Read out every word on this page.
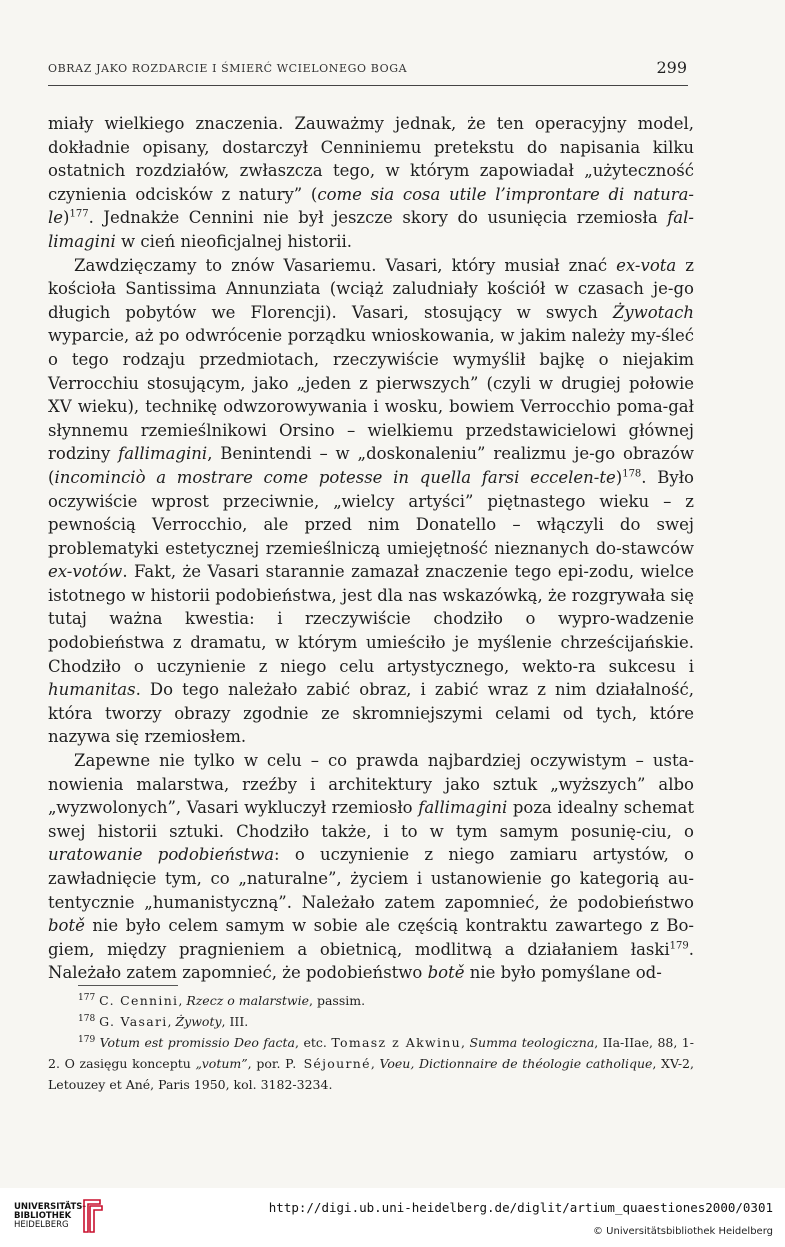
OBRAZ JAKO ROZDARCIE I ŚMIERĆ WCIELONEGO BOGA	299

miały wielkiego znaczenia. Zauważmy jednak, że ten operacyjny model, dokładnie opisany, dostarczył Cenniniemu pretekstu do napisania kilku ostatnich rozdziałów, zwłaszcza tego, w którym zapowiadał „użyteczność czynienia odcisków z natury” (come sia cosa utile l’improntare di natura-le)$^{177}$. Jednakże Cennini nie był jeszcze skory do usunięcia rzemiosła fal-limagini w cień nieoficjalnej historii.

Zawdzięczamy to znów Vasariemu. Vasari, który musiał znać ex-vota z kościoła Santissima Annunziata (wciąż zaludniały kościół w czasach je-go długich pobytów we Florencji). Vasari, stosujący w swych Żywotach wyparcie, aż po odwrócenie porządku wnioskowania, w jakim należy my-śleć o tego rodzaju przedmiotach, rzeczywiście wymyślił bajkę o niejakim Verrocchiu stosującym, jako „jeden z pierwszych” (czyli w drugiej połowie XV wieku), technikę odwzorowywania i wosku, bowiem Verrocchio poma-gał słynnemu rzemieślnikowi Orsino – wielkiemu przedstawicielowi głównej rodziny fallimagini, Benintendi – w „doskonaleniu” realizmu je-go obrazów (incominciò a mostrare come potesse in quella farsi eccelen-te)$^{178}$. Było oczywiście wprost przeciwnie, „wielcy artyści” piętnastego wieku – z pewnością Verrocchio, ale przed nim Donatello – włączyli do swej problematyki estetycznej rzemieślniczą umiejętność nieznanych do-stawców ex-votów. Fakt, że Vasari starannie zamazał znaczenie tego epi-zodu, wielce istotnego w historii podobieństwa, jest dla nas wskazówką, że rozgrywała się tutaj ważna kwestia: i rzeczywiście chodziło o wypro-wadzenie podobieństwa z dramatu, w którym umieściło je myślenie chrześcijańskie. Chodziło o uczynienie z niego celu artystycznego, wekto-ra sukcesu i humanitas. Do tego należało zabić obraz, i zabić wraz z nim działalność, która tworzy obrazy zgodnie ze skromniejszymi celami od tych, które nazywa się rzemiosłem.

Zapewne nie tylko w celu – co prawda najbardziej oczywistym – usta-nowienia malarstwa, rzeźby i architektury jako sztuk „wyższych” albo „wyzwolonych”, Vasari wykluczył rzemiosło fallimagini poza idealny schemat swej historii sztuki. Chodziło także, i to w tym samym posunię-ciu, o uratowanie podobieństwa: o uczynienie z niego zamiaru artystów, o zawładnięcie tym, co „naturalne”, życiem i ustanowienie go kategorią au-tentycznie „humanistyczną”. Należało zatem zapomnieć, że podobieństwo botě nie było celem samym w sobie ale częścią kontraktu zawartego z Bo-giem, między pragnieniem a obietnicą, modlitwą a działaniem łaski$^{179}$. Należało zatem zapomnieć, że podobieństwo botě nie było pomyślane od-

$^{177}$ C. Cennini, Rzecz o malarstwie, passim.

$^{178}$ G. Vasari, Żywoty, III.

$^{179}$ Votum est promissio Deo facta, etc. Tomasz z Akwinu, Summa teologiczna, IIa-IIae, 88, 1-2. O zasięgu konceptu „votum”, por. P. Séjourné, Voeu, Dictionnaire de théologie catholique, XV-2, Letouzey et Ané, Paris 1950, kol. 3182-3234.

UNIVERSITÄTS-
BIBLIOTHEK
HEIDELBERG
http://digi.ub.uni-heidelberg.de/diglit/artium_quaestiones2000/0301
© Universitätsbibliothek Heidelberg
